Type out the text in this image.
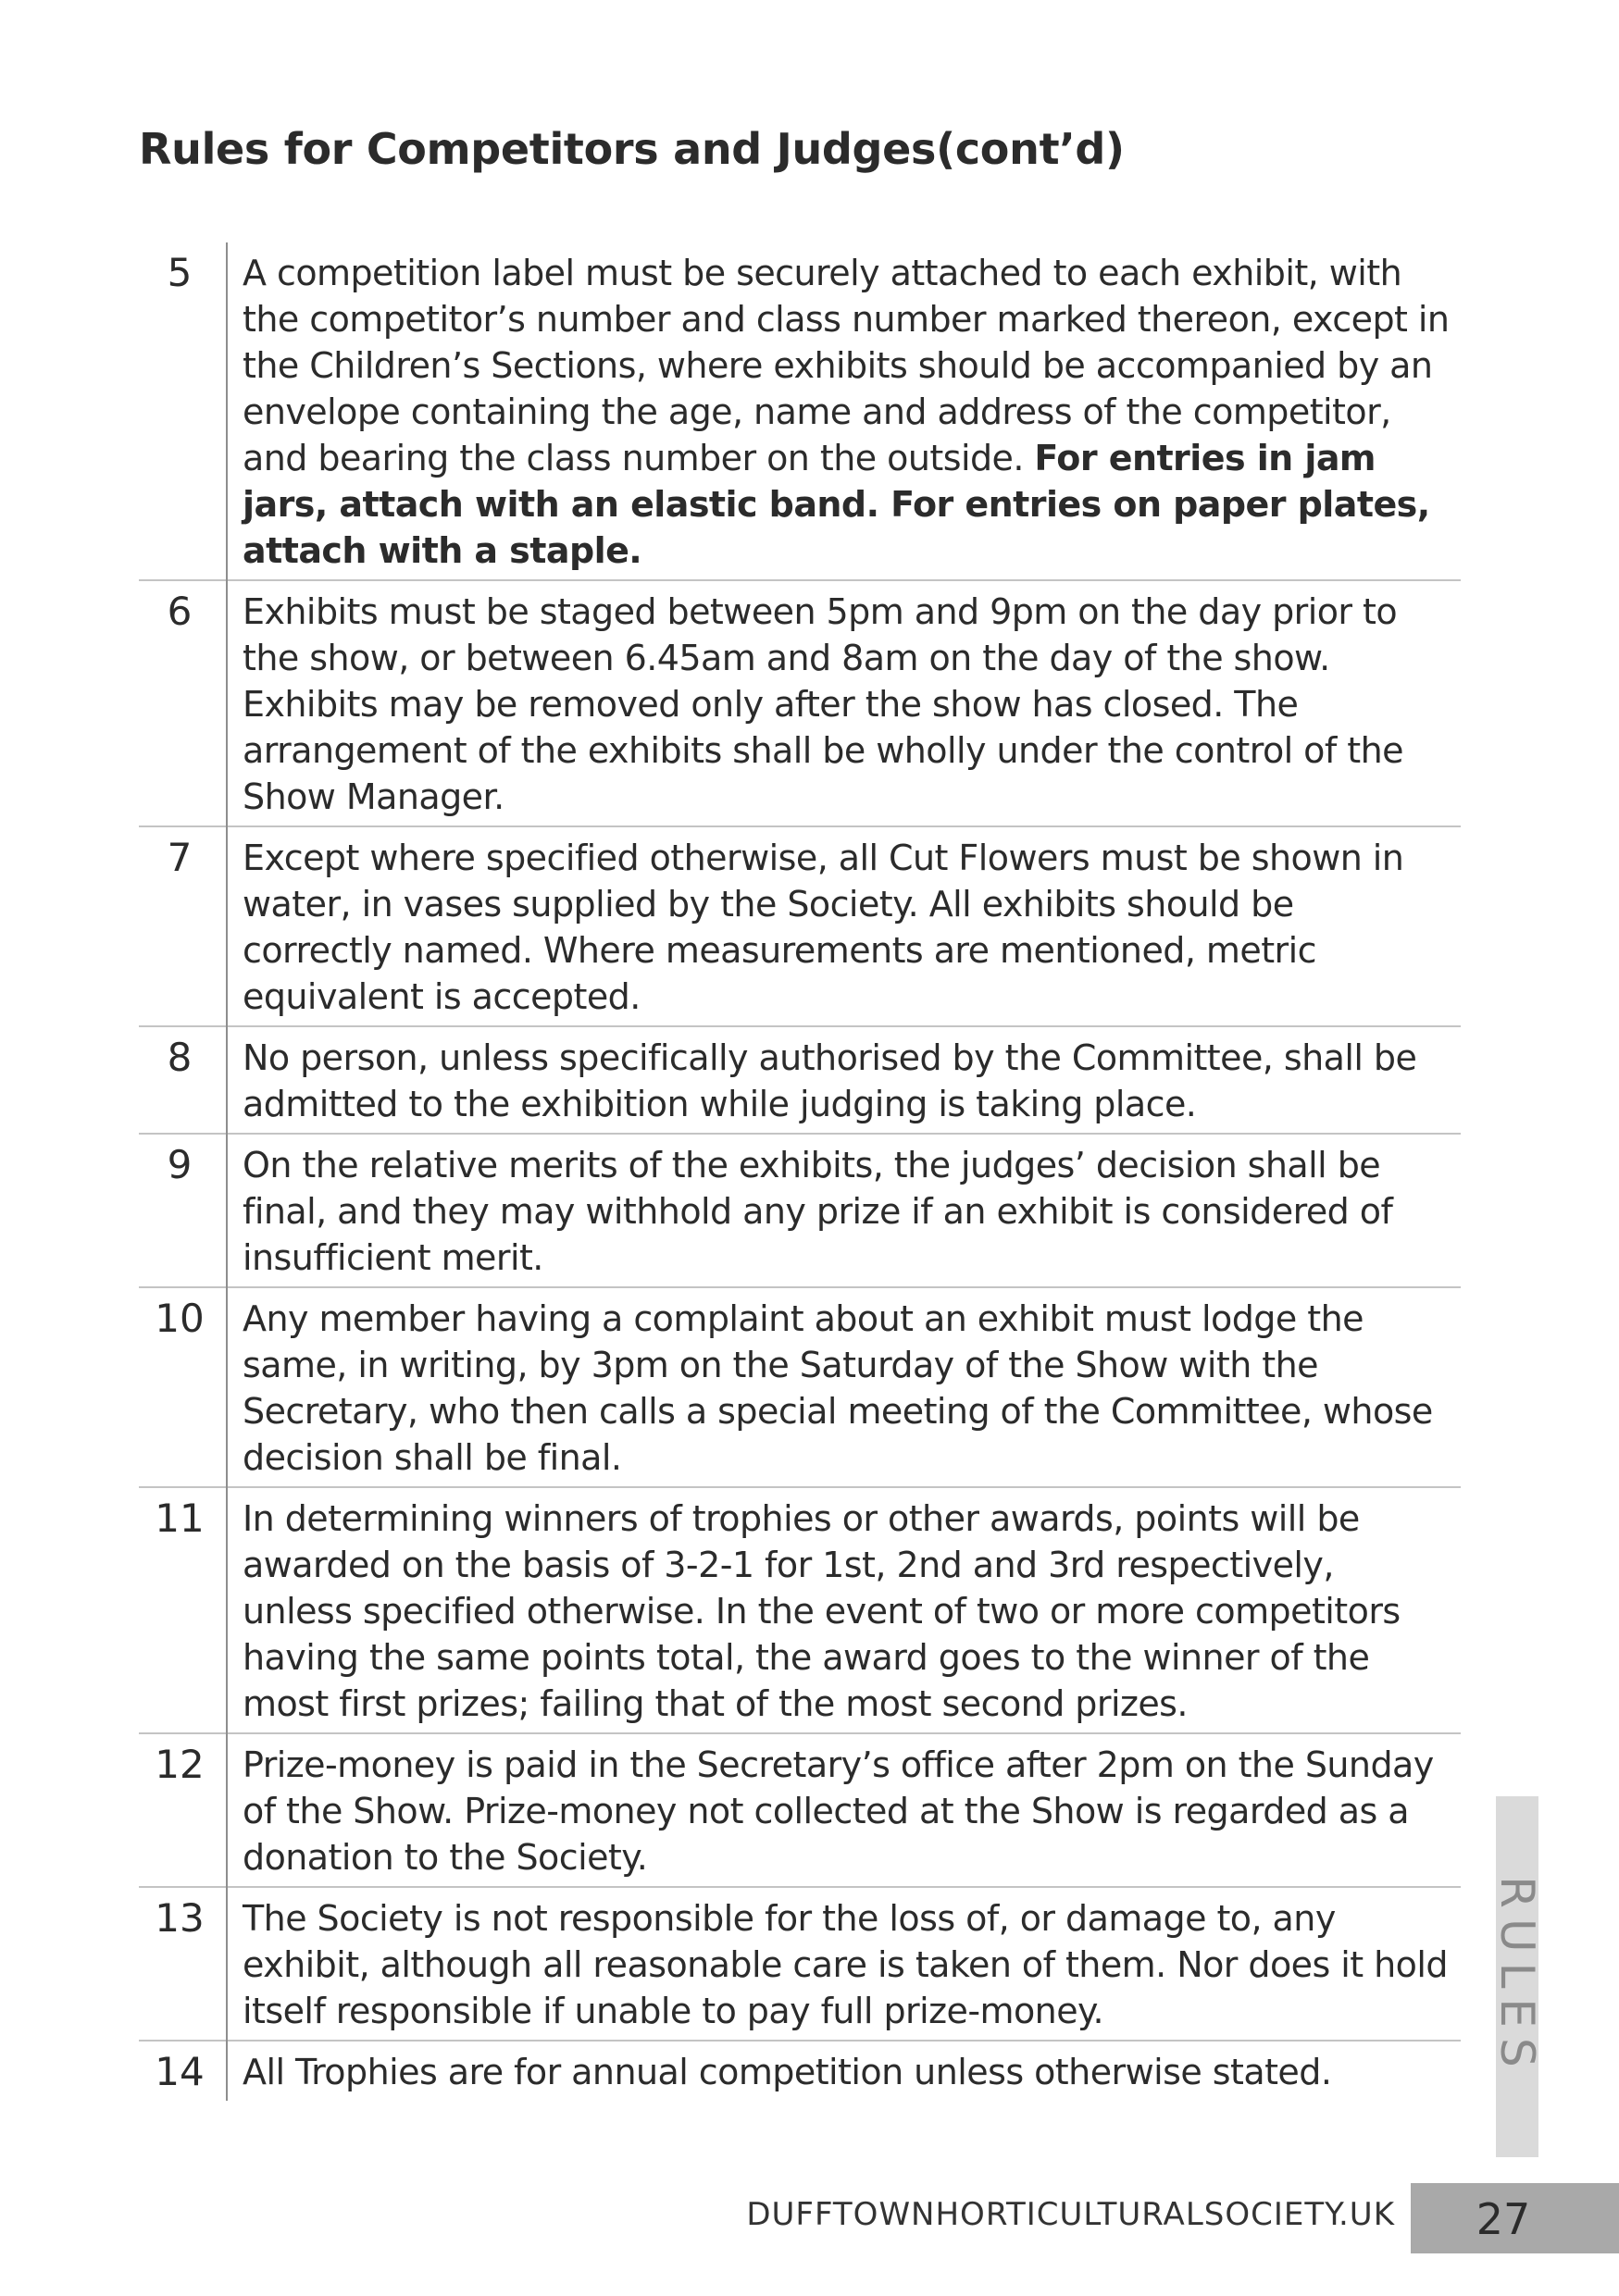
Rules for Competitors and Judges(cont’d)
5	A competition label must be securely attached to each exhibit, with the competitor’s number and class number marked thereon, except in the Children’s Sections, where exhibits should be accompanied by an envelope containing the age, name and address of the competitor, and bearing the class number on the outside. For entries in jam jars, attach with an elastic band. For entries on paper plates, attach with a staple.
6	Exhibits must be staged between 5pm and 9pm on the day prior to the show, or between 6.45am and 8am on the day of the show. Exhibits may be removed only after the show has closed. The arrangement of the exhibits shall be wholly under the control of the Show Manager.
7	Except where specified otherwise, all Cut Flowers must be shown in water, in vases supplied by the Society. All exhibits should be correctly named. Where measurements are mentioned, metric equivalent is accepted.
8	No person, unless specifically authorised by the Committee, shall be admitted to the exhibition while judging is taking place.
9	On the relative merits of the exhibits, the judges’ decision shall be final, and they may withhold any prize if an exhibit is considered of insufficient merit.
10	Any member having a complaint about an exhibit must lodge the same, in writing, by 3pm on the Saturday of the Show with the Secretary, who then calls a special meeting of the Committee, whose decision shall be final.
11	In determining winners of trophies or other awards, points will be awarded on the basis of 3-2-1 for 1st, 2nd and 3rd respectively, unless specified otherwise. In the event of two or more competitors having the same points total, the award goes to the winner of the most first prizes; failing that of the most second prizes.
12	Prize-money is paid in the Secretary’s office after 2pm on the Sunday of the Show. Prize-money not collected at the Show is regarded as a donation to the Society.
13	The Society is not responsible for the loss of, or damage to, any exhibit, although all reasonable care is taken of them. Nor does it hold itself responsible if unable to pay full prize-money.
14	All Trophies are for annual competition unless otherwise stated.	RULES
DUFFTOWNHORTICULTURALSOCIETY.UK	27
